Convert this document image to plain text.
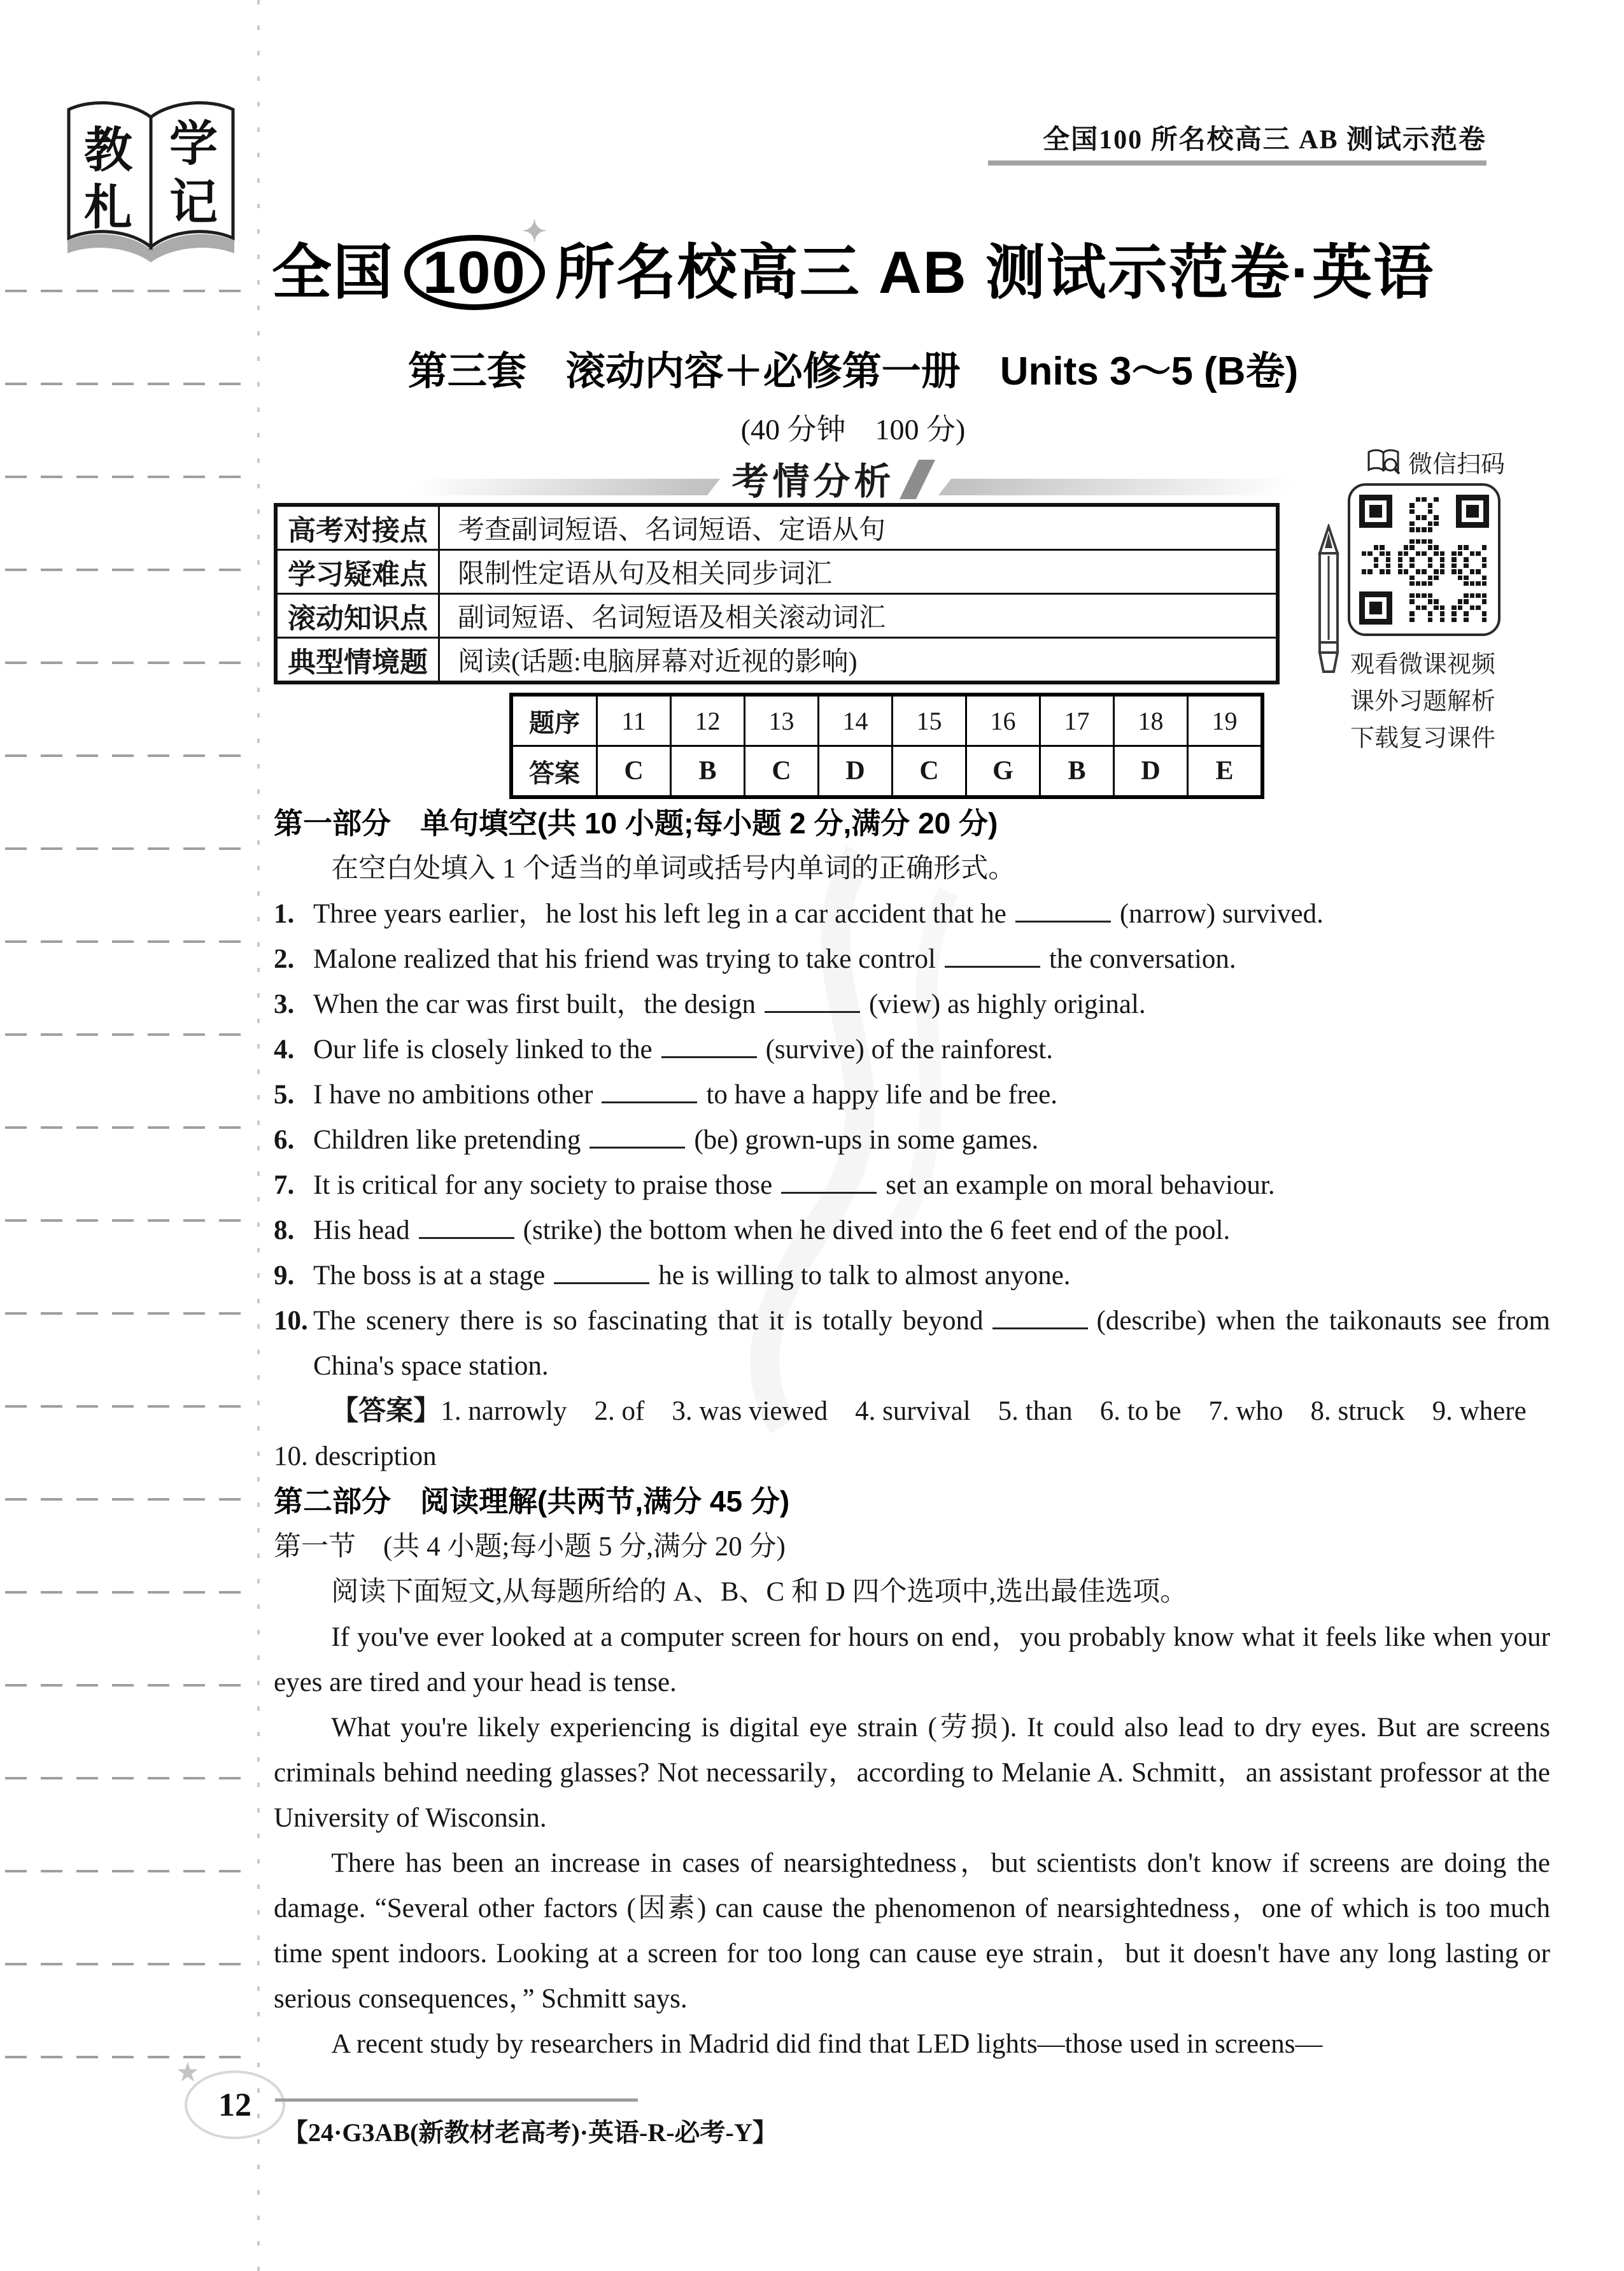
教 学
札 记
全国100 所名校高三 AB 测试示范卷
全国 100
✦
所名校高三 AB 测试示范卷·英语
第三套　滚动内容＋必修第一册　Units 3～5 (B卷)
(40 分钟　100 分)
考情分析
高考对接点	考查副词短语、名词短语、定语从句
学习疑难点	限制性定语从句及相关同步词汇
滚动知识点	副词短语、名词短语及相关滚动词汇
典型情境题	阅读(话题:电脑屏幕对近视的影响)
微信扫码
观看微课视频
课外习题解析
下载复习课件
题序	11	12	13	14	15	16	17	18	19
答案	C	B	C	D	C	G	B	D	E
第一部分　单句填空(共 10 小题;每小题 2 分,满分 20 分)

在空白处填入 1 个适当的单词或括号内单词的正确形式。

1. Three years earlier，he lost his left leg in a car accident that he	(narrow) survived.
2. Malone realized that his friend was trying to take control	the conversation.
3. When the car was first built，the design	(view) as highly original.
4. Our life is closely linked to the	(survive) of the rainforest.
5. I have no ambitions other	to have a happy life and be free.
6. Children like pretending	(be) grown-ups in some games.
7. It is critical for any society to praise those	set an example on moral behaviour.
8. His head	(strike) the bottom when he dived into the 6 feet end of the pool.
9. The boss is at a stage	he is willing to talk to almost anyone.
10. The scenery there is so fascinating that it is totally beyond	(describe) when the taikonauts see from China's space station.

【答案】1. narrowly　2. of　3. was viewed　4. survival　5. than　6. to be　7. who　8. struck　9. where

10. description

第二部分　阅读理解(共两节,满分 45 分)

第一节　(共 4 小题;每小题 5 分,满分 20 分)

阅读下面短文,从每题所给的 A、B、C 和 D 四个选项中,选出最佳选项。

If you've ever looked at a computer screen for hours on end，you probably know what it feels like when your eyes are tired and your head is tense.

What you're likely experiencing is digital eye strain (劳损). It could also lead to dry eyes. But are screens criminals behind needing glasses? Not necessarily，according to Melanie A. Schmitt，an assistant professor at the University of Wisconsin.

There has been an increase in cases of nearsightedness，but scientists don't know if screens are doing the damage. “Several other factors (因素) can cause the phenomenon of nearsightedness，one of which is too much time spent indoors. Looking at a screen for too long can cause eye strain，but it doesn't have any long lasting or serious consequences，” Schmitt says.

A recent study by researchers in Madrid did find that LED lights—those used in screens—

★
12
【24·G3AB(新教材老高考)·英语-R-必考-Y】
